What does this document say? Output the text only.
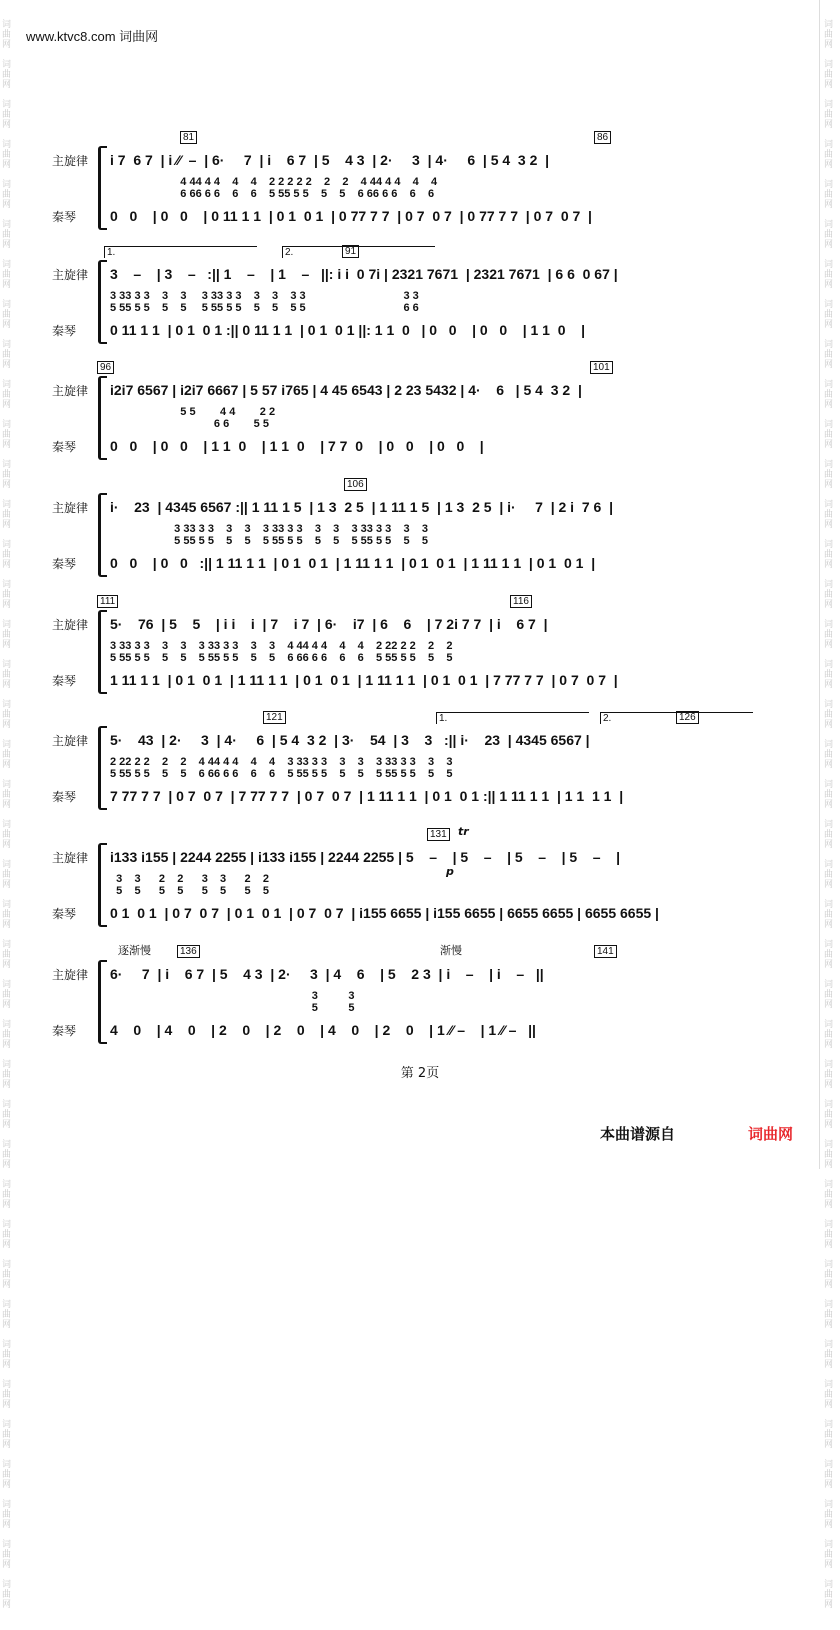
www.ktvc8.com 词曲网

词
曲
网

词
曲
网

词
曲
网

词
曲
网

词
曲
网

词
曲
网

词
曲
网

词
曲
网

词
曲
网

词
曲
网

词
曲
网

词
曲
网

词
曲
网

词
曲
网

词
曲
网

词
曲
网

词
曲
网

词
曲
网

词
曲
网

词
曲
网

词
曲
网

词
曲
网

词
曲
网

词
曲
网

词
曲
网

词
曲
网

词
曲
网

词
曲
网

词
曲
网

词
曲
网

词
曲
网

词
曲
网

词
曲
网

词
曲
网

词
曲
网

词
曲
网

词
曲
网

词
曲
网

词
曲
网

词
曲
网

词
曲
网

词
曲
网

词
曲
网

词
曲
网

词
曲
网

词
曲
网

词
曲
网

词
曲
网

词
曲
网

词
曲
网

词
曲
网

词
曲
网

词
曲
网

词
曲
网

词
曲
网

词
曲
网

词
曲
网

词
曲
网

词
曲
网

词
曲
网

词
曲
网

词
曲
网

词
曲
网

词
曲
网

词
曲
网

词
曲
网

词
曲
网

词
曲
网

词
曲
网

词
曲
网

词
曲
网

词
曲
网

词
曲
网

词
曲
网

词
曲
网

词
曲
网

词
曲
网

词
曲
网

词
曲
网

词
曲
网

主旋律
秦琴
i 7  6 7  | i ⁄⁄  –  | 6·     7  | i    6 7  | 5    4 3  | 2·     3  | 4·     6  | 5 4  3 2  |
4 44 4 4    4    4    2 2 2 2 2    2    2    4 44 4 4    4    4
6 66 6 6    6    6    5 55 5 5    5    5    6 66 6 6    6    6
0   0    | 0   0    | 0 11 1 1  | 0 1  0 1  | 0 77 7 7  | 0 7  0 7  | 0 77 7 7  | 0 7  0 7  |
81	86
主旋律
秦琴
3    –    | 3    –   :|| 1    –    | 1    –   ||: i i  0 7i | 2321 7671  | 2321 7671  | 6 6  0 67 |
3 33 3 3    3    3     3 33 3 3    3    3    3 3                                3 3
5 55 5 5    5    5     5 55 5 5    5    5    5 5                                6 6
0 11 1 1  | 0 1  0 1 :|| 0 11 1 1  | 0 1  0 1 ||: 1 1  0   | 0   0    | 0   0    | 1 1  0    |
91
1.	2.
主旋律
秦琴
i2i7 6567 | i2i7 6667 | 5 57 i765 | 4 45 6543 | 2 23 5432 | 4·    6   | 5 4  3 2  |
5 5        4 4        2 2
6 6        5 5
0   0    | 0   0    | 1 1  0    | 1 1  0    | 7 7  0    | 0   0    | 0   0    |
96	101
主旋律
秦琴
i·    23  | 4345 6567 :|| 1 11 1 5  | 1 3  2 5  | 1 11 1 5  | 1 3  2 5  | i·     7  | 2 i  7 6  |
3 33 3 3    3    3    3 33 3 3    3    3    3 33 3 3    3    3
5 55 5 5    5    5    5 55 5 5    5    5    5 55 5 5    5    5
0   0    | 0   0   :|| 1 11 1 1  | 0 1  0 1  | 1 11 1 1  | 0 1  0 1  | 1 11 1 1  | 0 1  0 1  |
106
主旋律
秦琴
5·    76  | 5    5    | i i    i  | 7    i 7  | 6·    i7  | 6    6    | 7 2i 7 7  | i    6 7  |
3 33 3 3    3    3    3 33 3 3    3    3    4 44 4 4    4    4    2 22 2 2    2    2
5 55 5 5    5    5    5 55 5 5    5    5    6 66 6 6    6    6    5 55 5 5    5    5
1 11 1 1  | 0 1  0 1  | 1 11 1 1  | 0 1  0 1  | 1 11 1 1  | 0 1  0 1  | 7 77 7 7  | 0 7  0 7  |
111	116
主旋律
秦琴
5·    43  | 2·     3  | 4·     6  | 5 4  3 2  | 3·    54  | 3    3   :|| i·    23  | 4345 6567 |
2 22 2 2    2    2    4 44 4 4    4    4    3 33 3 3    3    3    3 33 3 3    3    3
5 55 5 5    5    5    6 66 6 6    6    6    5 55 5 5    5    5    5 55 5 5    5    5
7 77 7 7  | 0 7  0 7  | 7 77 7 7  | 0 7  0 7  | 1 11 1 1  | 0 1  0 1 :|| 1 11 1 1  | 1 1  1 1  |
121	126
1.	2.
主旋律
秦琴
i133 i155 | 2244 2255 | i133 i155 | 2244 2255 | 5    –    | 5    –    | 5    –    | 5    –    |
3    3      2    2      3    3      2    2
5    5      5    5      5    5      5    5
0 1  0 1  | 0 7  0 7  | 0 1  0 1  | 0 7  0 7  | i155 6655 | i155 6655 | 6655 6655 | 6655 6655 |
131 tr
p
主旋律
秦琴
6·     7  | i    6 7  | 5    4 3  | 2·     3  | 4    6    | 5    2 3  | i    –    | i    –   ||
3          3
5          5
4    0    | 4    0    | 2    0    | 2    0    | 4    0    | 2    0    | 1 ⁄⁄ –    | 1 ⁄⁄ –   ||
136	141
逐渐慢	渐慢
第 2页
本曲谱源自	词曲网
